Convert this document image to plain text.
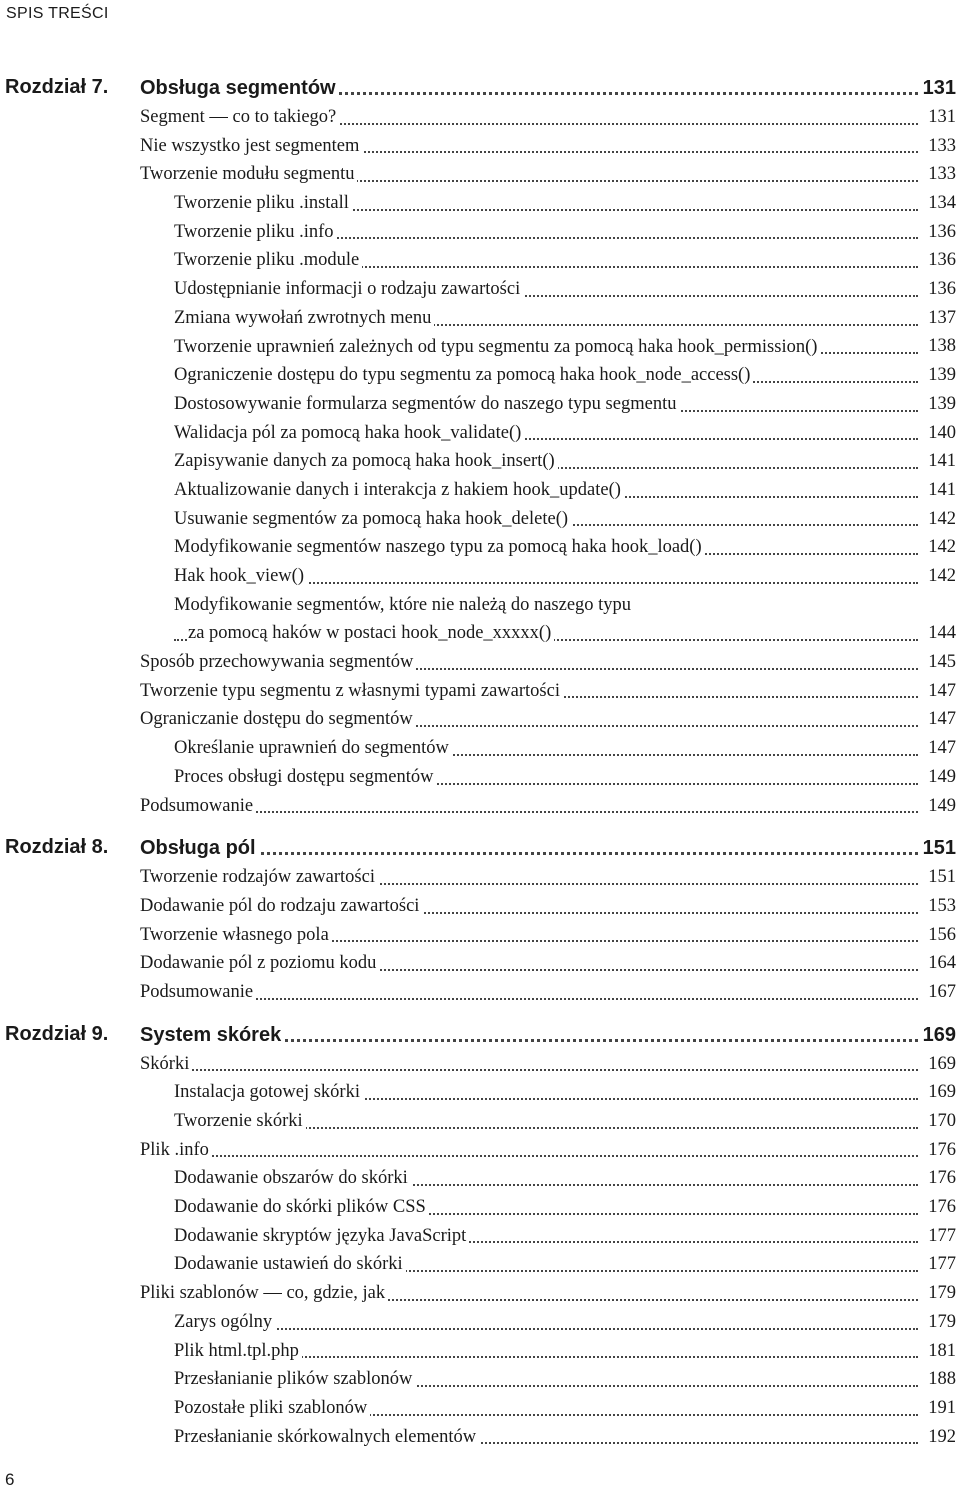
SPIS TREŚCI
Rozdział 7. Obsługa segmentów	131
Segment — co to takiego?	131
Nie wszystko jest segmentem	133
Tworzenie modułu segmentu	133
Tworzenie pliku .install	134
Tworzenie pliku .info	136
Tworzenie pliku .module	136
Udostępnianie informacji o rodzaju zawartości	136
Zmiana wywołań zwrotnych menu	137
Tworzenie uprawnień zależnych od typu segmentu za pomocą haka hook_permission()	138
Ograniczenie dostępu do typu segmentu za pomocą haka hook_node_access()	139
Dostosowywanie formularza segmentów do naszego typu segmentu	139
Walidacja pól za pomocą haka hook_validate()	140
Zapisywanie danych za pomocą haka hook_insert()	141
Aktualizowanie danych i interakcja z hakiem hook_update()	141
Usuwanie segmentów za pomocą haka hook_delete()	142
Modyfikowanie segmentów naszego typu za pomocą haka hook_load()	142
Hak hook_view()	142
Modyfikowanie segmentów, które nie należą do naszego typu
za pomocą haków w postaci hook_node_xxxxx()	144
Sposób przechowywania segmentów	145
Tworzenie typu segmentu z własnymi typami zawartości	147
Ograniczanie dostępu do segmentów	147
Określanie uprawnień do segmentów	147
Proces obsługi dostępu segmentów	149
Podsumowanie	149
Rozdział 8. Obsługa pól	151
Tworzenie rodzajów zawartości	151
Dodawanie pól do rodzaju zawartości	153
Tworzenie własnego pola	156
Dodawanie pól z poziomu kodu	164
Podsumowanie	167
Rozdział 9. System skórek	169
Skórki	169
Instalacja gotowej skórki	169
Tworzenie skórki	170
Plik .info	176
Dodawanie obszarów do skórki	176
Dodawanie do skórki plików CSS	176
Dodawanie skryptów języka JavaScript	177
Dodawanie ustawień do skórki	177
Pliki szablonów — co, gdzie, jak	179
Zarys ogólny	179
Plik html.tpl.php	181
Przesłanianie plików szablonów	188
Pozostałe pliki szablonów	191
Przesłanianie skórkowalnych elementów	192
6
